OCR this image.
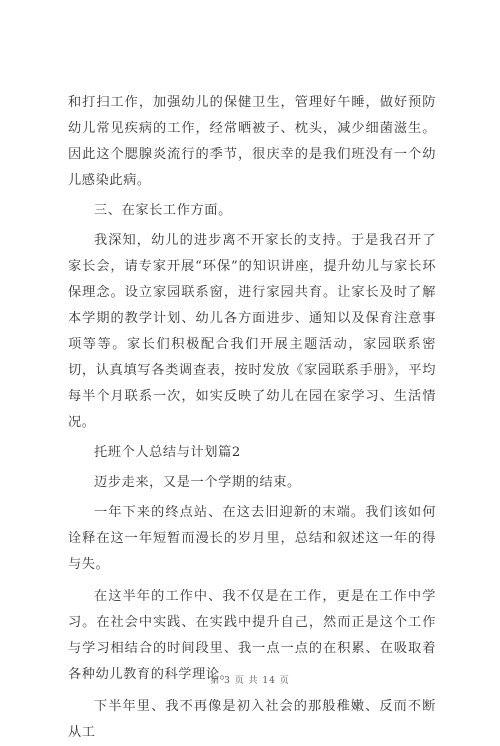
和打扫工作，加强幼儿的保健卫生，管理好午睡，做好预防幼儿常见疾病的工作，经常晒被子、枕头，减少细菌滋生。因此这个腮腺炎流行的季节，很庆幸的是我们班没有一个幼儿感染此病。

三、在家长工作方面。

我深知，幼儿的进步离不开家长的支持。于是我召开了家长会，请专家开展“环保”的知识讲座，提升幼儿与家长环保理念。设立家园联系窗，进行家园共育。让家长及时了解本学期的教学计划、幼儿各方面进步、通知以及保育注意事项等等。家长们积极配合我们开展主题活动，家园联系密切，认真填写各类调查表，按时发放《家园联系手册》，平均每半个月联系一次，如实反映了幼儿在园在家学习、生活情况。

托班个人总结与计划篇2

迈步走来，又是一个学期的结束。

一年下来的终点站、在这去旧迎新的末端。我们该如何诠释在这一年短暂而漫长的岁月里，总结和叙述这一年的得与失。

在这半年的工作中、我不仅是在工作，更是在工作中学习。在社会中实践、在实践中提升自己，然而正是这个工作与学习相结合的时间段里、我一点一点的在积累、在吸取着各种幼儿教育的科学理论。

下半年里、我不再像是初入社会的那般稚嫩、反而不断从工

第 3 页 共 14 页
